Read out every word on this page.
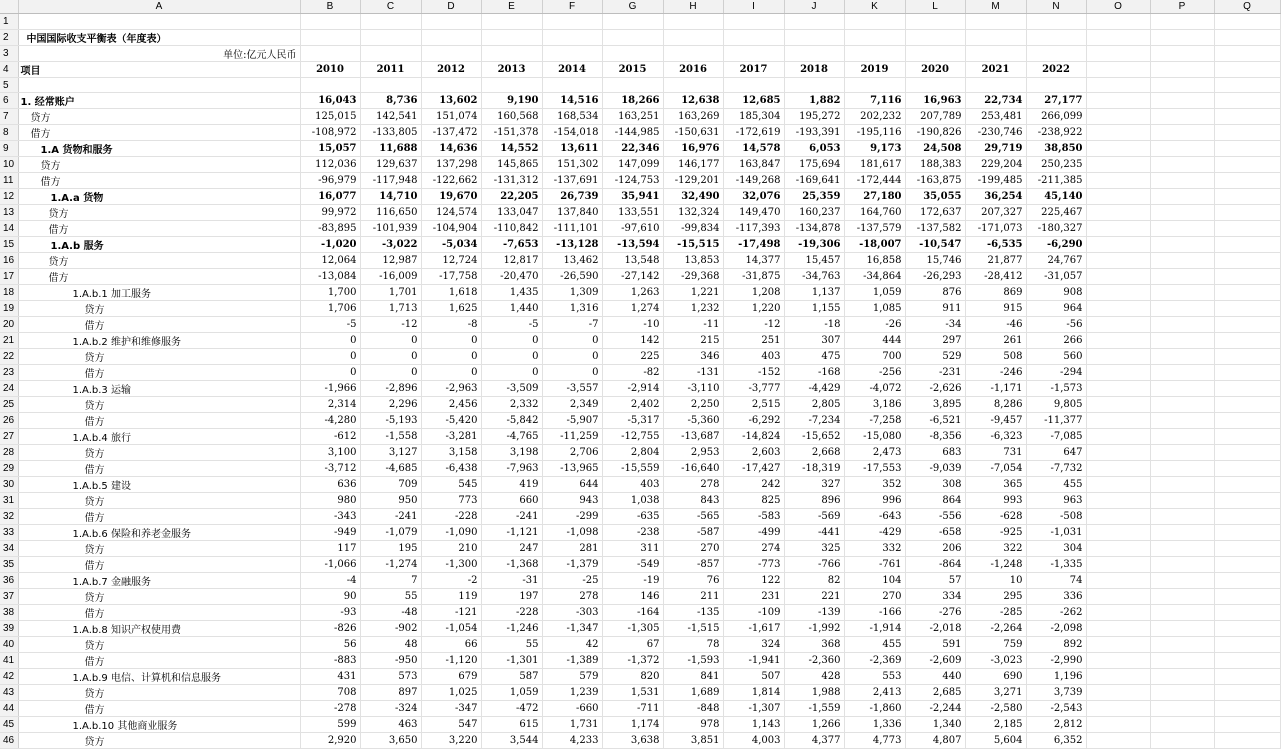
	A	B	C	D	E	F	G	H	I	J	K	L	M	N	O	P	Q
1																	
2	中国国际收支平衡表（年度表）																
3	单位:亿元人民币																
4	项目	2010	2011	2012	2013	2014	2015	2016	2017	2018	2019	2020	2021	2022			
5																	
6	1. 经常账户	16,043	8,736	13,602	9,190	14,516	18,266	12,638	12,685	1,882	7,116	16,963	22,734	27,177			
7	贷方	125,015	142,541	151,074	160,568	168,534	163,251	163,269	185,304	195,272	202,232	207,789	253,481	266,099			
8	借方	-108,972	-133,805	-137,472	-151,378	-154,018	-144,985	-150,631	-172,619	-193,391	-195,116	-190,826	-230,746	-238,922			
9	1.A 货物和服务	15,057	11,688	14,636	14,552	13,611	22,346	16,976	14,578	6,053	9,173	24,508	29,719	38,850			
10	贷方	112,036	129,637	137,298	145,865	151,302	147,099	146,177	163,847	175,694	181,617	188,383	229,204	250,235			
11	借方	-96,979	-117,948	-122,662	-131,312	-137,691	-124,753	-129,201	-149,268	-169,641	-172,444	-163,875	-199,485	-211,385			
12	1.A.a 货物	16,077	14,710	19,670	22,205	26,739	35,941	32,490	32,076	25,359	27,180	35,055	36,254	45,140			
13	贷方	99,972	116,650	124,574	133,047	137,840	133,551	132,324	149,470	160,237	164,760	172,637	207,327	225,467			
14	借方	-83,895	-101,939	-104,904	-110,842	-111,101	-97,610	-99,834	-117,393	-134,878	-137,579	-137,582	-171,073	-180,327			
15	1.A.b 服务	-1,020	-3,022	-5,034	-7,653	-13,128	-13,594	-15,515	-17,498	-19,306	-18,007	-10,547	-6,535	-6,290			
16	贷方	12,064	12,987	12,724	12,817	13,462	13,548	13,853	14,377	15,457	16,858	15,746	21,877	24,767			
17	借方	-13,084	-16,009	-17,758	-20,470	-26,590	-27,142	-29,368	-31,875	-34,763	-34,864	-26,293	-28,412	-31,057			
18	1.A.b.1 加工服务	1,700	1,701	1,618	1,435	1,309	1,263	1,221	1,208	1,137	1,059	876	869	908			
19	贷方	1,706	1,713	1,625	1,440	1,316	1,274	1,232	1,220	1,155	1,085	911	915	964			
20	借方	-5	-12	-8	-5	-7	-10	-11	-12	-18	-26	-34	-46	-56			
21	1.A.b.2 维护和维修服务	0	0	0	0	0	142	215	251	307	444	297	261	266			
22	贷方	0	0	0	0	0	225	346	403	475	700	529	508	560			
23	借方	0	0	0	0	0	-82	-131	-152	-168	-256	-231	-246	-294			
24	1.A.b.3 运输	-1,966	-2,896	-2,963	-3,509	-3,557	-2,914	-3,110	-3,777	-4,429	-4,072	-2,626	-1,171	-1,573			
25	贷方	2,314	2,296	2,456	2,332	2,349	2,402	2,250	2,515	2,805	3,186	3,895	8,286	9,805			
26	借方	-4,280	-5,193	-5,420	-5,842	-5,907	-5,317	-5,360	-6,292	-7,234	-7,258	-6,521	-9,457	-11,377			
27	1.A.b.4 旅行	-612	-1,558	-3,281	-4,765	-11,259	-12,755	-13,687	-14,824	-15,652	-15,080	-8,356	-6,323	-7,085			
28	贷方	3,100	3,127	3,158	3,198	2,706	2,804	2,953	2,603	2,668	2,473	683	731	647			
29	借方	-3,712	-4,685	-6,438	-7,963	-13,965	-15,559	-16,640	-17,427	-18,319	-17,553	-9,039	-7,054	-7,732			
30	1.A.b.5 建设	636	709	545	419	644	403	278	242	327	352	308	365	455			
31	贷方	980	950	773	660	943	1,038	843	825	896	996	864	993	963			
32	借方	-343	-241	-228	-241	-299	-635	-565	-583	-569	-643	-556	-628	-508			
33	1.A.b.6 保险和养老金服务	-949	-1,079	-1,090	-1,121	-1,098	-238	-587	-499	-441	-429	-658	-925	-1,031			
34	贷方	117	195	210	247	281	311	270	274	325	332	206	322	304			
35	借方	-1,066	-1,274	-1,300	-1,368	-1,379	-549	-857	-773	-766	-761	-864	-1,248	-1,335			
36	1.A.b.7 金融服务	-4	7	-2	-31	-25	-19	76	122	82	104	57	10	74			
37	贷方	90	55	119	197	278	146	211	231	221	270	334	295	336			
38	借方	-93	-48	-121	-228	-303	-164	-135	-109	-139	-166	-276	-285	-262			
39	1.A.b.8 知识产权使用费	-826	-902	-1,054	-1,246	-1,347	-1,305	-1,515	-1,617	-1,992	-1,914	-2,018	-2,264	-2,098			
40	贷方	56	48	66	55	42	67	78	324	368	455	591	759	892			
41	借方	-883	-950	-1,120	-1,301	-1,389	-1,372	-1,593	-1,941	-2,360	-2,369	-2,609	-3,023	-2,990			
42	1.A.b.9 电信、计算机和信息服务	431	573	679	587	579	820	841	507	428	553	440	690	1,196			
43	贷方	708	897	1,025	1,059	1,239	1,531	1,689	1,814	1,988	2,413	2,685	3,271	3,739			
44	借方	-278	-324	-347	-472	-660	-711	-848	-1,307	-1,559	-1,860	-2,244	-2,580	-2,543			
45	1.A.b.10 其他商业服务	599	463	547	615	1,731	1,174	978	1,143	1,266	1,336	1,340	2,185	2,812			
46	贷方	2,920	3,650	3,220	3,544	4,233	3,638	3,851	4,003	4,377	4,773	4,807	5,604	6,352			
